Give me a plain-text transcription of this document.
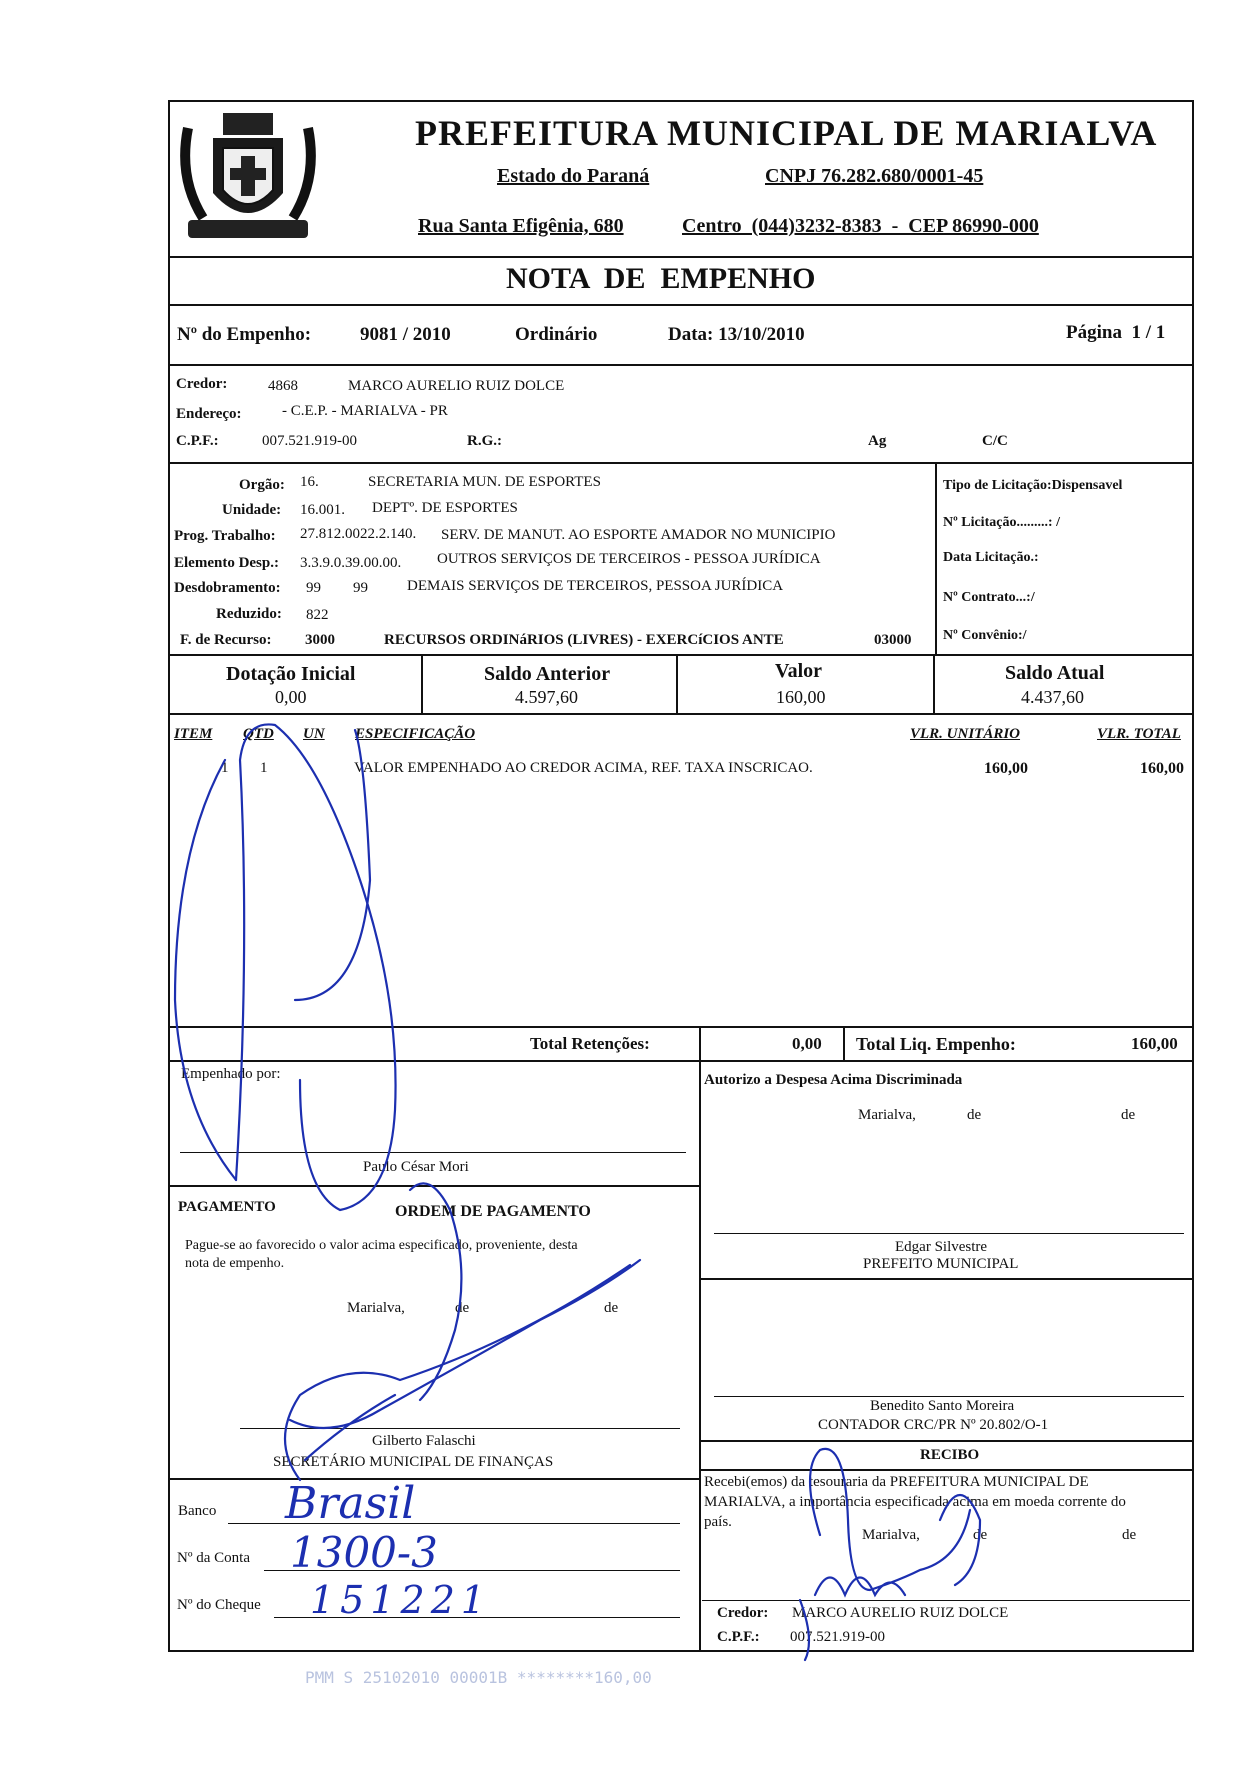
PREFEITURA MUNICIPAL DE MARIALVA
Estado do Paraná	CNPJ 76.282.680/0001-45
Rua Santa Efigênia, 680	Centro  (044)3232-8383  -  CEP 86990-000
NOTA  DE  EMPENHO
Nº do Empenho:	9081 / 2010	Ordinário	Data: 13/10/2010	Página  1 / 1
Credor:	4868	MARCO AURELIO RUIZ DOLCE
Endereço:	- C.E.P. - MARIALVA - PR
C.P.F.:	007.521.919-00	R.G.:	Ag	C/C
Orgão: 16.	SECRETARIA MUN. DE ESPORTES
Unidade: 16.001. DEPTº. DE ESPORTES
Prog. Trabalho: 27.812.0022.2.140. SERV. DE MANUT. AO ESPORTE AMADOR NO MUNICIPIO
Elemento Desp.: 3.3.9.0.39.00.00. OUTROS SERVIÇOS DE TERCEIROS - PESSOA JURÍDICA
Desdobramento: 99 99	DEMAIS SERVIÇOS DE TERCEIROS, PESSOA JURÍDICA
Reduzido: 822
F. de Recurso: 3000	RECURSOS ORDINáRIOS (LIVRES) - EXERCíCIOS ANTE	03000
Tipo de Licitação:Dispensavel
Nº Licitação.........: /
Data Licitação.:
Nº Contrato...:/
Nº Convênio:/
Dotação Inicial
0,00
Saldo Anterior
4.597,60
Valor
160,00
Saldo Atual
4.437,60
ITEM QTD UN ESPECIFICAÇÃO	VLR. UNITÁRIO	VLR. TOTAL
1 1	VALOR EMPENHADO AO CREDOR ACIMA, REF. TAXA INSCRICAO.	160,00	160,00
Total Retenções:	0,00 Total Liq. Empenho:	160,00
Empenhado por:
Paulo César Mori
PAGAMENTO	ORDEM DE PAGAMENTO
Pague-se ao favorecido o valor acima especificado, proveniente, desta
nota de empenho.
Marialva,	de	de
Gilberto Falaschi
SECRETÁRIO MUNICIPAL DE FINANÇAS
Banco Brasil
Nº da Conta 1300-3
Nº do Cheque 151221
Autorizo a Despesa Acima Discriminada
Marialva,	de	de
Edgar Silvestre
PREFEITO MUNICIPAL
Benedito Santo Moreira
CONTADOR CRC/PR Nº 20.802/O-1
RECIBO
Recebi(emos) da tesouraria da PREFEITURA MUNICIPAL DE
MARIALVA, a importância especificada acima em moeda corrente do
país.
Marialva,	de	de
Credor: MARCO AURELIO RUIZ DOLCE
C.P.F.: 007.521.919-00
PMM S 25102010 00001B ********160,00
